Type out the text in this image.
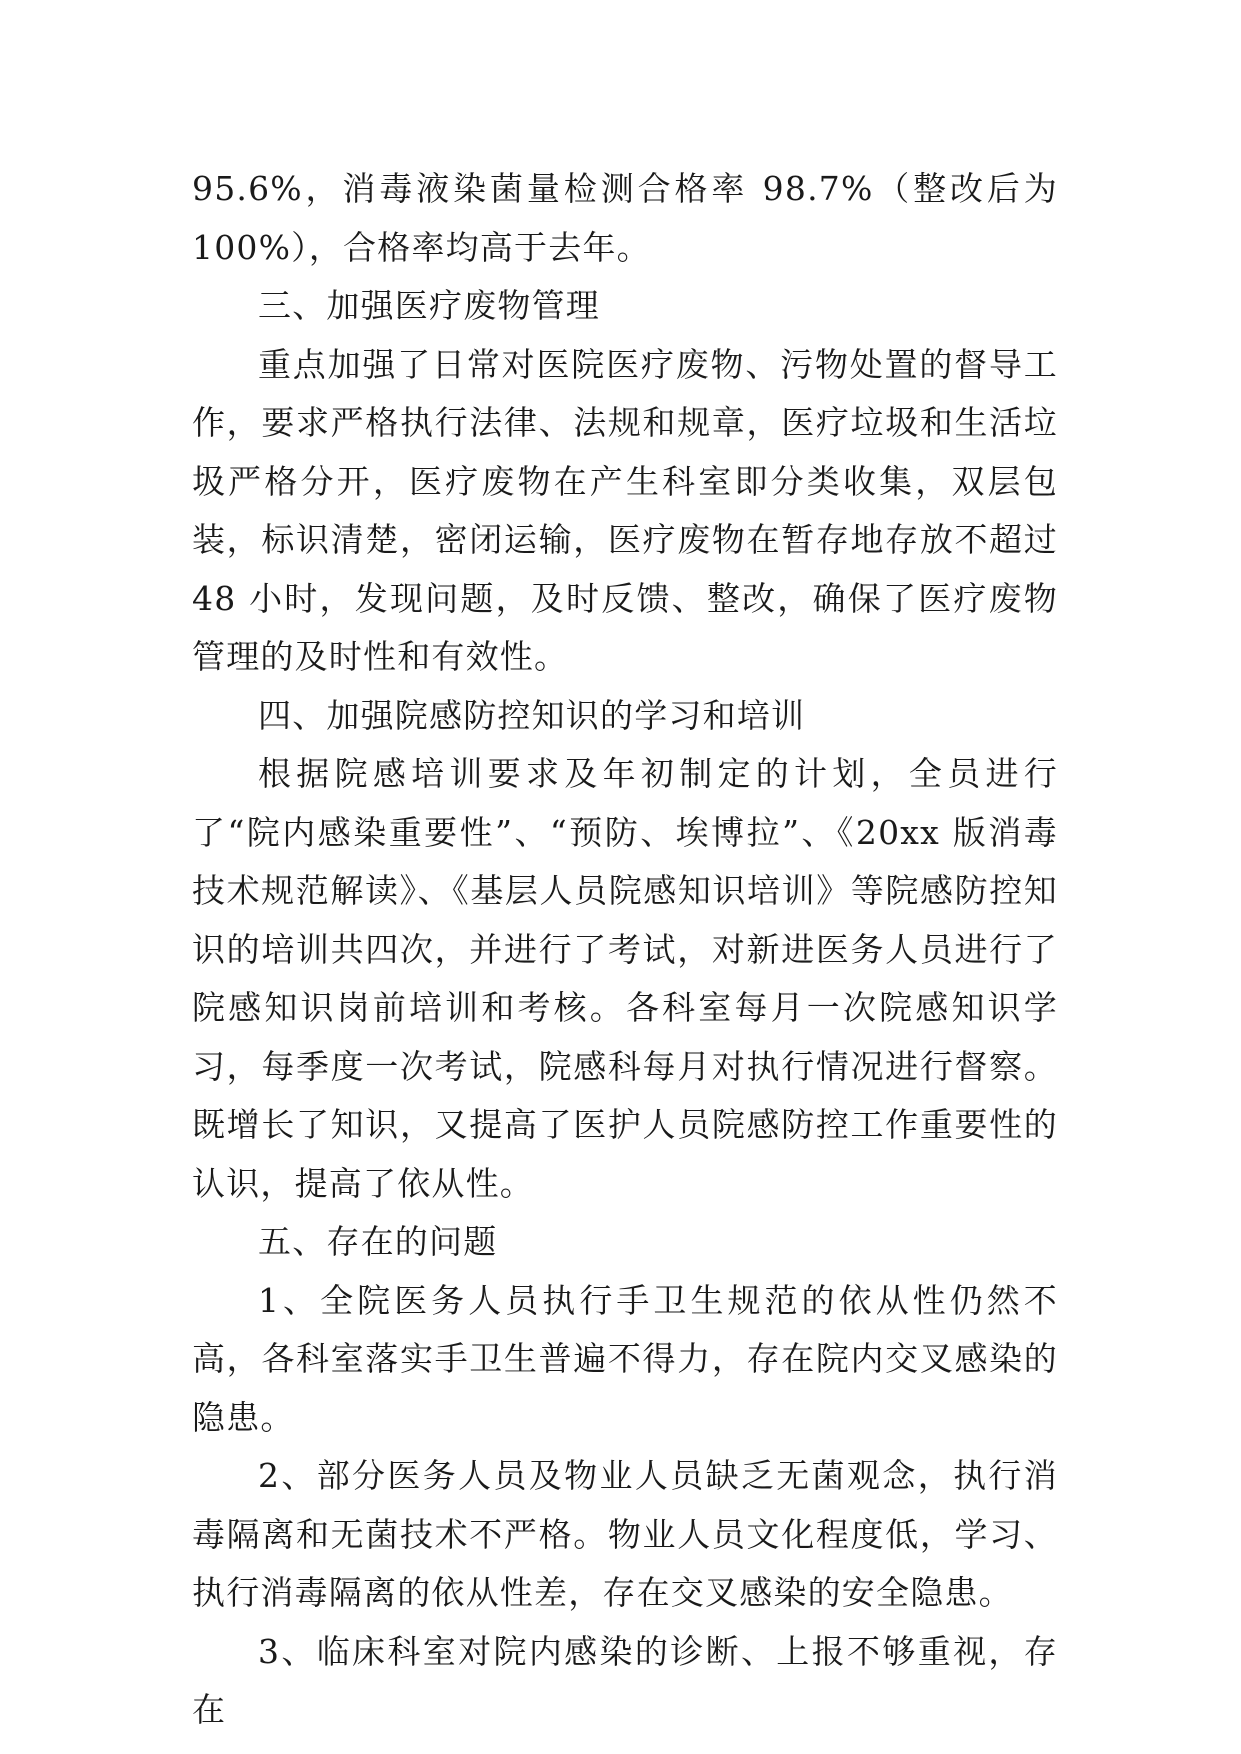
95.6%，消毒液染菌量检测合格率 98.7%（整改后为 100%），合格率均高于去年。

三、加强医疗废物管理

重点加强了日常对医院医疗废物、污物处置的督导工作，要求严格执行法律、法规和规章，医疗垃圾和生活垃圾严格分开，医疗废物在产生科室即分类收集，双层包装，标识清楚，密闭运输，医疗废物在暂存地存放不超过 48 小时，发现问题，及时反馈、整改，确保了医疗废物管理的及时性和有效性。

四、加强院感防控知识的学习和培训

根据院感培训要求及年初制定的计划，全员进行了“院内感染重要性”、“预防、埃博拉”、《20xx 版消毒技术规范解读》、《基层人员院感知识培训》等院感防控知识的培训共四次，并进行了考试，对新进医务人员进行了院感知识岗前培训和考核。各科室每月一次院感知识学习，每季度一次考试，院感科每月对执行情况进行督察。既增长了知识，又提高了医护人员院感防控工作重要性的认识，提高了依从性。

五、存在的问题

1、全院医务人员执行手卫生规范的依从性仍然不高，各科室落实手卫生普遍不得力，存在院内交叉感染的隐患。

2、部分医务人员及物业人员缺乏无菌观念，执行消毒隔离和无菌技术不严格。物业人员文化程度低，学习、执行消毒隔离的依从性差，存在交叉感染的安全隐患。

3、临床科室对院内感染的诊断、上报不够重视，存在
